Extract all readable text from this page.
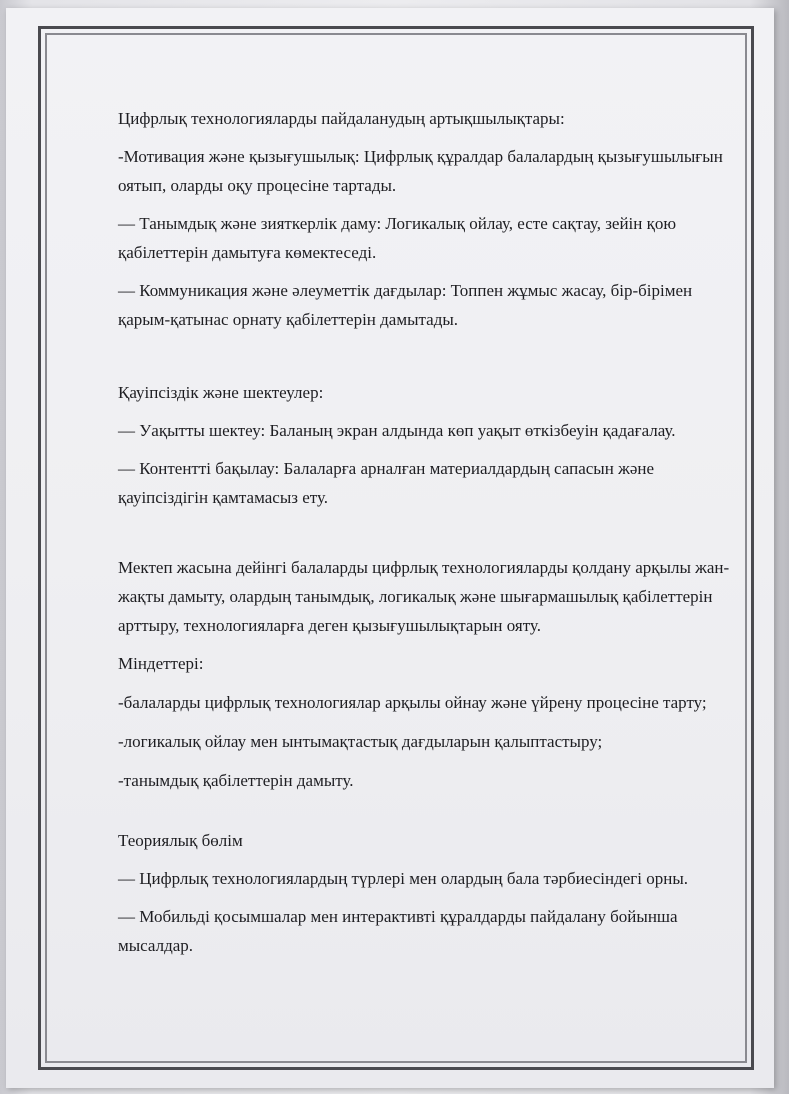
Цифрлық технологияларды пайдаланудың артықшылықтары:

-Мотивация және қызығушылық: Цифрлық құралдар балалардың қызығушылығын оятып, оларды оқу процесіне тартады.

— Танымдық және зияткерлік даму: Логикалық ойлау, есте сақтау, зейін қою қабілеттерін дамытуға көмектеседі.

— Коммуникация және әлеуметтік дағдылар: Топпен жұмыс жасау, бір-бірімен қарым-қатынас орнату қабілеттерін дамытады.

Қауіпсіздік және шектеулер:

— Уақытты шектеу: Баланың экран алдында көп уақыт өткізбеуін қадағалау.

— Контентті бақылау: Балаларға арналған материалдардың сапасын және қауіпсіздігін қамтамасыз ету.

Мектеп жасына дейінгі балаларды цифрлық технологияларды қолдану арқылы жан-жақты дамыту, олардың танымдық, логикалық және шығармашылық қабілеттерін арттыру, технологияларға деген қызығушылықтарын ояту.

Міндеттері:

-балаларды цифрлық технологиялар арқылы ойнау және үйрену процесіне тарту;

-логикалық ойлау мен ынтымақтастық дағдыларын қалыптастыру;

-танымдық қабілеттерін дамыту.

Теориялық бөлім

— Цифрлық технологиялардың түрлері мен олардың бала тәрбиесіндегі орны.

— Мобильді қосымшалар мен интерактивті құралдарды пайдалану бойынша мысалдар.
